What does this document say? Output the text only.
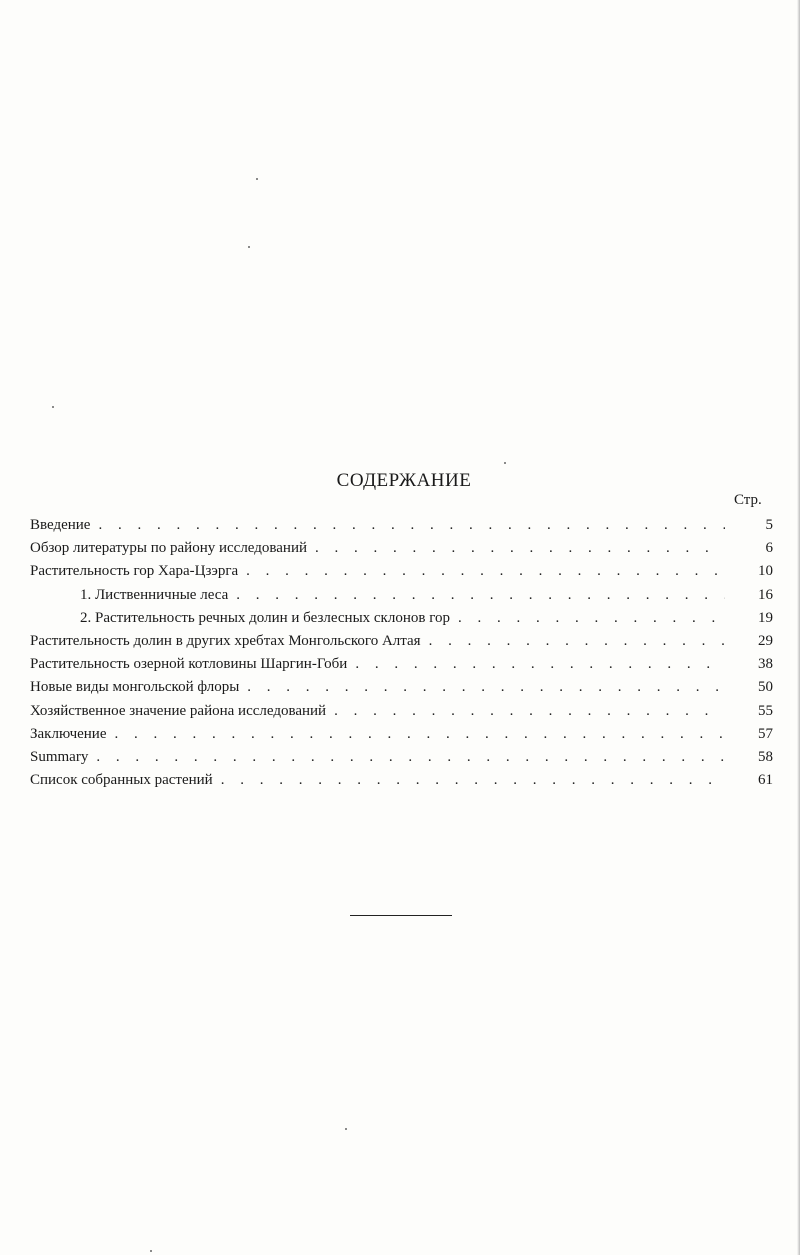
СОДЕРЖАНИЕ
Стр.
Введение . . .	5
Обзор литературы по району исследований . . .	6
Растительность гор Хара-Цзэрга . . .	10
1. Лиственничные леса . . .	16
2. Растительность речных долин и безлесных склонов гор . . .	19
Растительность долин в других хребтах Монгольского Алтая . . .	29
Растительность озерной котловины Шаргин-Гоби . . .	38
Новые виды монгольской флоры . . .	50
Хозяйственное значение района исследований . . .	55
Заключение . . .	57
Summary . . .	58
Список собранных растений . . .	61
